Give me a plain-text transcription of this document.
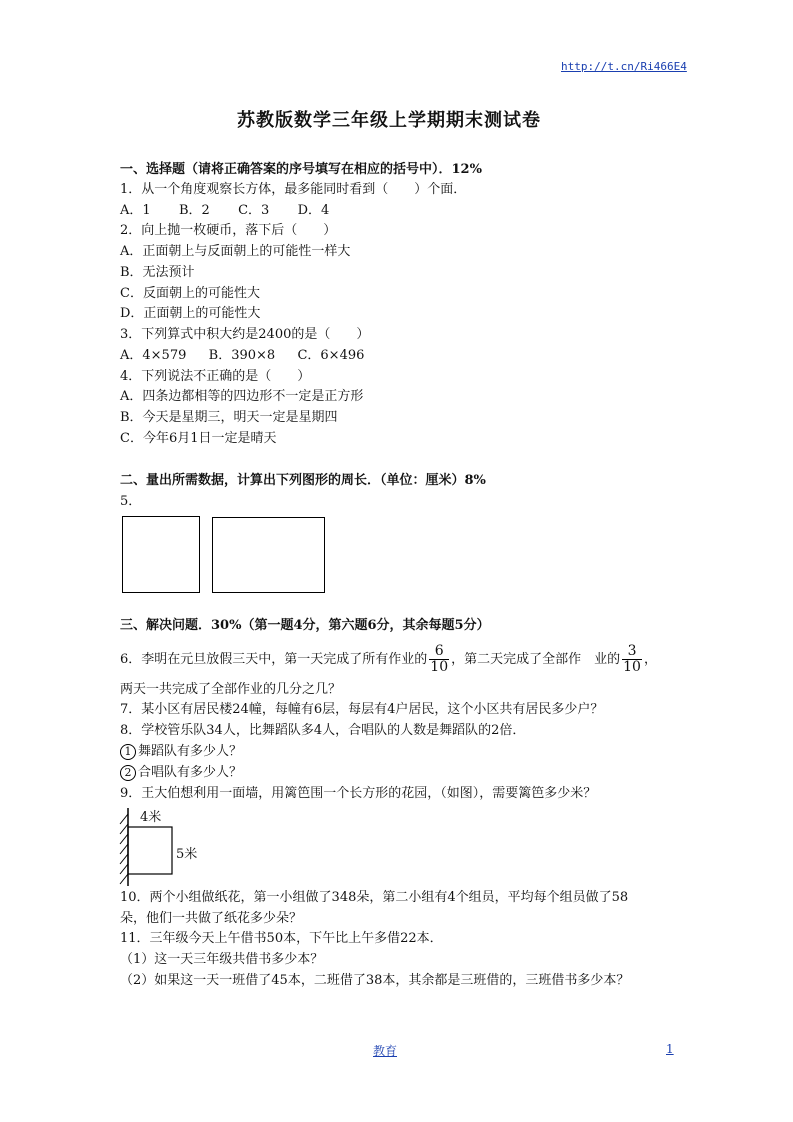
http://t.cn/Ri466E4
苏教版数学三年级上学期期末测试卷
一、选择题（请将正确答案的序号填写在相应的括号中）．12%
1．从一个角度观察长方体，最多能同时看到（　　）个面．
A．1 B．2 C．3 D．4
2．向上抛一枚硬币，落下后（　　）
A．正面朝上与反面朝上的可能性一样大
B．无法预计
C．反面朝上的可能性大
D．正面朝上的可能性大
3．下列算式中积大约是2400的是（　　）
A．4×579 B．390×8 C．6×496
4．下列说法不正确的是（　　）
A．四条边都相等的四边形不一定是正方形
B．今天是星期三，明天一定是星期四
C．今年6月1日一定是晴天
二、量出所需数据，计算出下列图形的周长．（单位：厘米）8%
5．
三、解决问题．30%（第一题4分，第六题6分，其余每题5分）
6．李明在元旦放假三天中，第一天完成了所有作业的 $\frac{6}{10}$ ，第二天完成了全部作　业的 $\frac{3}{10}$ ，
两天一共完成了全部作业的几分之几？
7．某小区有居民楼24幢，每幢有6层，每层有4户居民，这个小区共有居民多少户？
8．学校管乐队34人，比舞蹈队多4人，合唱队的人数是舞蹈队的2倍．
1 舞蹈队有多少人？
2 合唱队有多少人？
9．王大伯想利用一面墙，用篱笆围一个长方形的花园，（如图），需要篱笆多少米？
4米
5米
10．两个小组做纸花，第一小组做了348朵，第二小组有4个组员，平均每个组员做了58
朵，他们一共做了纸花多少朵？
11．三年级今天上午借书50本，下午比上午多借22本．
（1）这一天三年级共借书多少本？
（2）如果这一天一班借了45本，二班借了38本，其余都是三班借的，三班借书多少本？
教育	1
